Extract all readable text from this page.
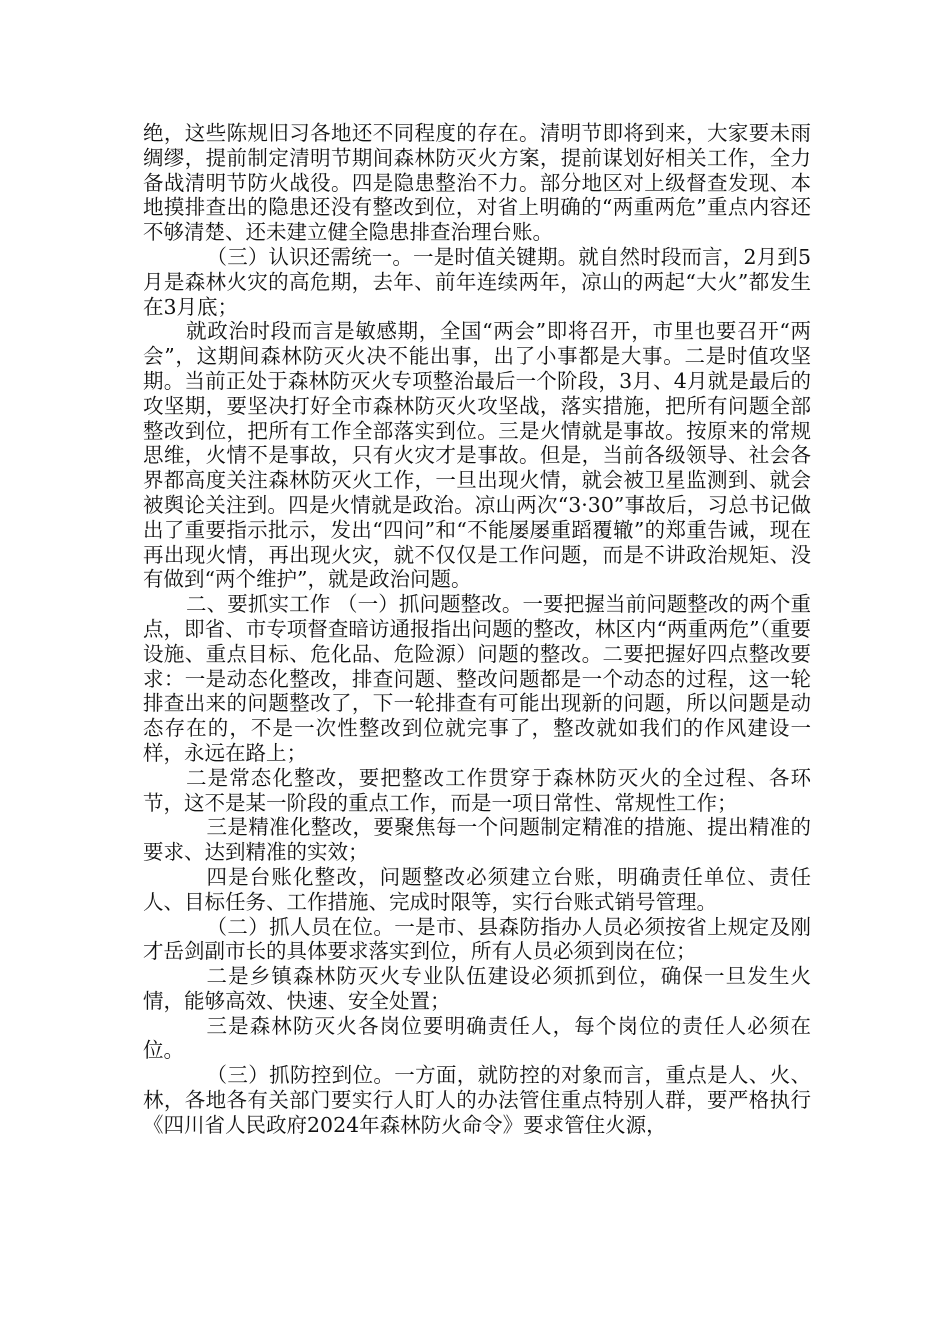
绝，这些陈规旧习各地还不同程度的存在。清明节即将到来，大家要未雨绸缪，提前制定清明节期间森林防灭火方案，提前谋划好相关工作，全力备战清明节防火战役。四是隐患整治不力。部分地区对上级督查发现、本地摸排查出的隐患还没有整改到位，对省上明确的“两重两危”重点内容还不够清楚、还未建立健全隐患排查治理台账。

（三）认识还需统一。一是时值关键期。就自然时段而言，2月到5月是森林火灾的高危期，去年、前年连续两年，凉山的两起“大火”都发生在3月底；

就政治时段而言是敏感期，全国“两会”即将召开，市里也要召开“两会”，这期间森林防灭火决不能出事，出了小事都是大事。二是时值攻坚期。当前正处于森林防灭火专项整治最后一个阶段，3月、4月就是最后的攻坚期，要坚决打好全市森林防灭火攻坚战，落实措施，把所有问题全部整改到位，把所有工作全部落实到位。三是火情就是事故。按原来的常规思维，火情不是事故，只有火灾才是事故。但是，当前各级领导、社会各界都高度关注森林防灭火工作，一旦出现火情，就会被卫星监测到、就会被舆论关注到。四是火情就是政治。凉山两次“3·30”事故后，习总书记做出了重要指示批示，发出“四问”和“不能屡屡重蹈覆辙”的郑重告诫，现在再出现火情，再出现火灾，就不仅仅是工作问题，而是不讲政治规矩、没有做到“两个维护”，就是政治问题。

二、要抓实工作 （一）抓问题整改。一要把握当前问题整改的两个重点，即省、市专项督查暗访通报指出问题的整改，林区内“两重两危”（重要设施、重点目标、危化品、危险源）问题的整改。二要把握好四点整改要求：一是动态化整改，排查问题、整改问题都是一个动态的过程，这一轮排查出来的问题整改了，下一轮排查有可能出现新的问题，所以问题是动态存在的，不是一次性整改到位就完事了，整改就如我们的作风建设一样，永远在路上；

二是常态化整改，要把整改工作贯穿于森林防灭火的全过程、各环节，这不是某一阶段的重点工作，而是一项日常性、常规性工作；

三是精准化整改，要聚焦每一个问题制定精准的措施、提出精准的要求、达到精准的实效；

四是台账化整改，问题整改必须建立台账，明确责任单位、责任人、目标任务、工作措施、完成时限等，实行台账式销号管理。

（二）抓人员在位。一是市、县森防指办人员必须按省上规定及刚才岳剑副市长的具体要求落实到位，所有人员必须到岗在位；

二是乡镇森林防灭火专业队伍建设必须抓到位，确保一旦发生火情，能够高效、快速、安全处置；

三是森林防灭火各岗位要明确责任人，每个岗位的责任人必须在位。

（三）抓防控到位。一方面，就防控的对象而言，重点是人、火、林，各地各有关部门要实行人盯人的办法管住重点特别人群，要严格执行《四川省人民政府2024年森林防火命令》要求管住火源，
